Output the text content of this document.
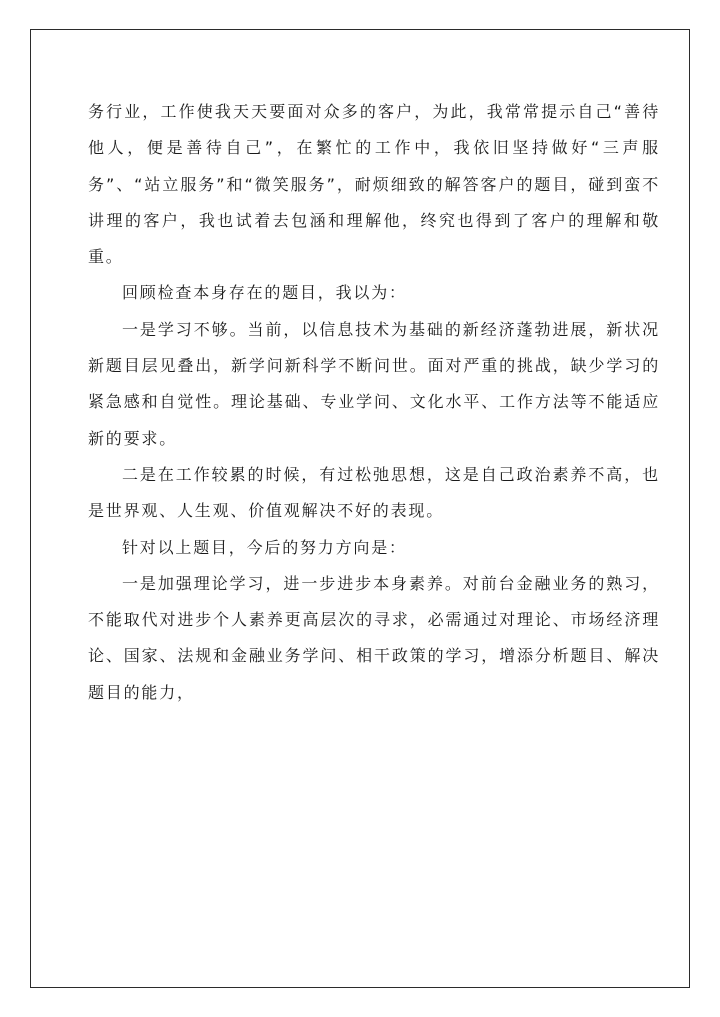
务行业，工作使我天天要面对众多的客户，为此，我常常提示自己“善待他人，便是善待自己”，在繁忙的工作中，我依旧坚持做好“三声服务”、“站立服务”和“微笑服务”，耐烦细致的解答客户的题目，碰到蛮不讲理的客户，我也试着去包涵和理解他，终究也得到了客户的理解和敬重。

回顾检查本身存在的题目，我以为：

一是学习不够。当前，以信息技术为基础的新经济蓬勃进展，新状况新题目层见叠出，新学问新科学不断问世。面对严重的挑战，缺少学习的紧急感和自觉性。理论基础、专业学问、文化水平、工作方法等不能适应新的要求。

二是在工作较累的时候，有过松弛思想，这是自己政治素养不高，也是世界观、人生观、价值观解决不好的表现。

针对以上题目，今后的努力方向是：

一是加强理论学习，进一步进步本身素养。对前台金融业务的熟习，不能取代对进步个人素养更高层次的寻求，必需通过对理论、市场经济理论、国家、法规和金融业务学问、相干政策的学习，增添分析题目、解决题目的能力，
